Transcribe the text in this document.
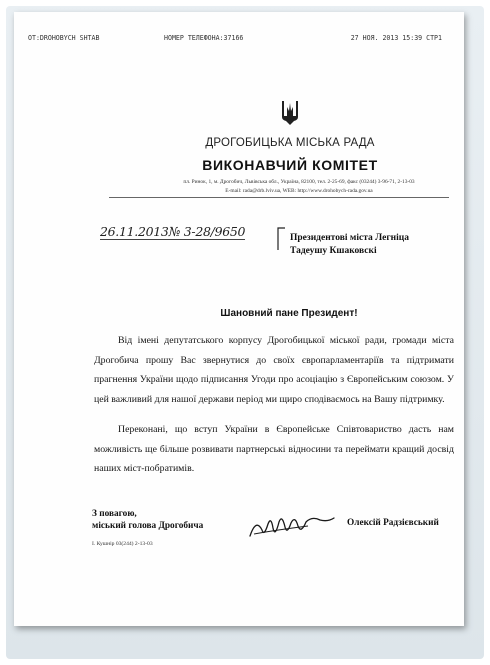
OT:DROHOBYCH SHTAB	НОМЕР ТЕЛЕФОНА:37166	27 НОЯ. 2013 15:39 СТР1
ДРОГОБИЦЬКА МІСЬКА РАДА
ВИКОНАВЧИЙ КОМІТЕТ
пл. Ринок, 1, м. Дрогобич, Львівська обл., Україна, 82100, тел. 2-25-69, факс (03244) 3-96-71, 2-13-03
E-mail: rada@drb.lviv.ua, WEB: http://www.drohobych-rada.gov.ua
26.11.2013№ 3-28/9650	Президентові міста Легніца
Тадеушу Кшаковскі
Шановний пане Президент!
Від імені депутатського корпусу Дрогобицької міської ради, громади міста Дрогобича прошу Вас звернутися до своїх європарламентаріїв та підтримати прагнення України щодо підписання Угоди про асоціацію з Європейським союзом. У цей важливий для нашої держави період ми щиро сподіваємось на Вашу підтримку.
Переконані, що вступ України в Європейське Співтовариство дасть нам можливість ще більше розвивати партнерські відносини та переймати кращий досвід наших міст-побратимів.
З повагою,
міський голова Дрогобича	Олексій Радзієвський
І. Кушнір 03(244) 2-13-03
